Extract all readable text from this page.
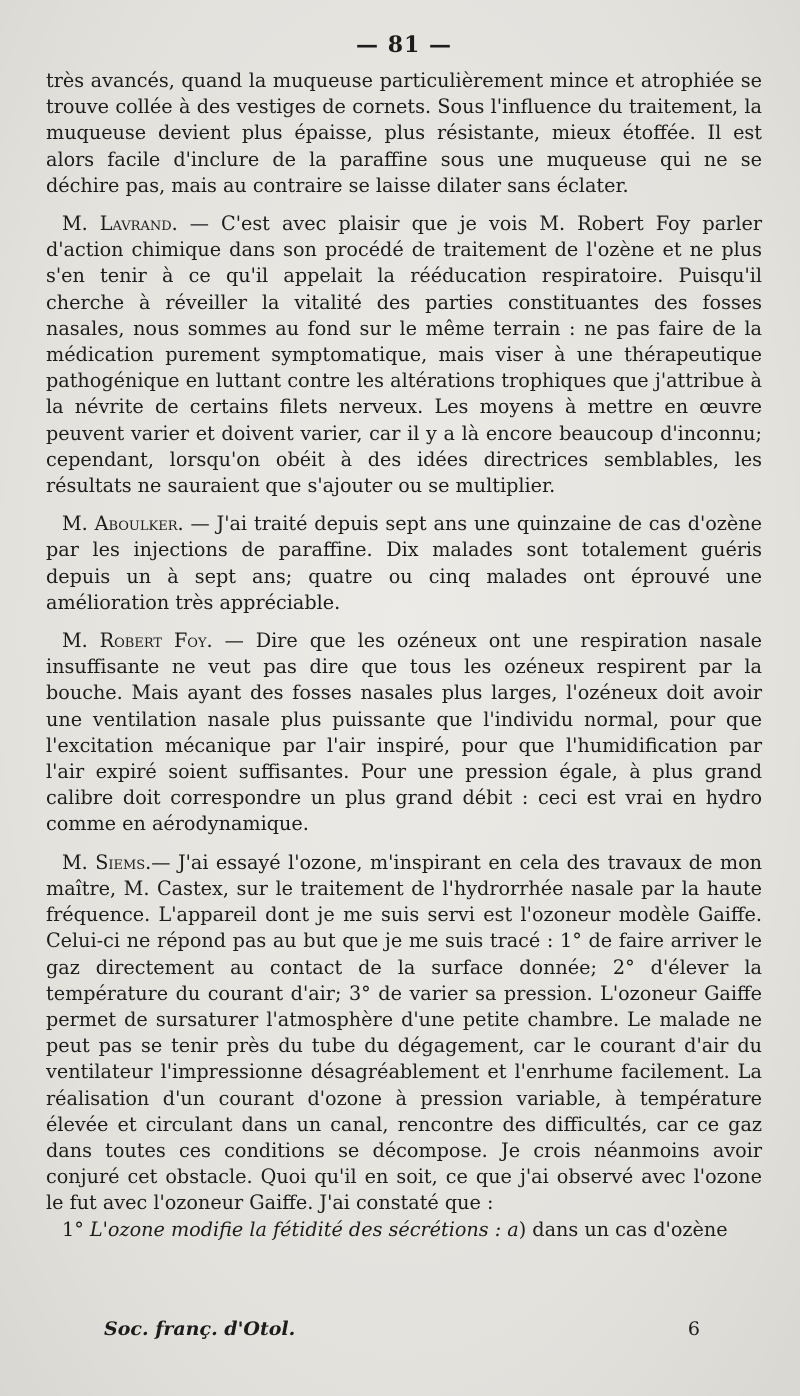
— 81 —

très avancés, quand la muqueuse particulièrement mince et atrophiée se trouve collée à des vestiges de cornets. Sous l'influence du traitement, la muqueuse devient plus épaisse, plus résistante, mieux étoffée. Il est alors facile d'inclure de la paraffine sous une muqueuse qui ne se déchire pas, mais au contraire se laisse dilater sans éclater.

M. Lavrand. — C'est avec plaisir que je vois M. Robert Foy parler d'action chimique dans son procédé de traitement de l'ozène et ne plus s'en tenir à ce qu'il appelait la rééducation respiratoire. Puisqu'il cherche à réveiller la vitalité des parties constituantes des fosses nasales, nous sommes au fond sur le même terrain : ne pas faire de la médication purement symptomatique, mais viser à une thérapeutique pathogénique en luttant contre les altérations trophiques que j'attribue à la névrite de certains filets nerveux. Les moyens à mettre en œuvre peuvent varier et doivent varier, car il y a là encore beaucoup d'inconnu; cependant, lorsqu'on obéit à des idées directrices semblables, les résultats ne sauraient que s'ajouter ou se multiplier.

M. Aboulker. — J'ai traité depuis sept ans une quinzaine de cas d'ozène par les injections de paraffine. Dix malades sont totalement guéris depuis un à sept ans; quatre ou cinq malades ont éprouvé une amélioration très appréciable.

M. Robert Foy. — Dire que les ozéneux ont une respiration nasale insuffisante ne veut pas dire que tous les ozéneux respirent par la bouche. Mais ayant des fosses nasales plus larges, l'ozéneux doit avoir une ventilation nasale plus puissante que l'individu normal, pour que l'excitation mécanique par l'air inspiré, pour que l'humidification par l'air expiré soient suffisantes. Pour une pression égale, à plus grand calibre doit correspondre un plus grand débit : ceci est vrai en hydro comme en aérodynamique.

M. Siems.— J'ai essayé l'ozone, m'inspirant en cela des travaux de mon maître, M. Castex, sur le traitement de l'hydrorrhée nasale par la haute fréquence. L'appareil dont je me suis servi est l'ozoneur modèle Gaiffe. Celui-ci ne répond pas au but que je me suis tracé : 1° de faire arriver le gaz directement au contact de la surface donnée; 2° d'élever la température du courant d'air; 3° de varier sa pression. L'ozoneur Gaiffe permet de sursaturer l'atmosphère d'une petite chambre. Le malade ne peut pas se tenir près du tube du dégagement, car le courant d'air du ventilateur l'impressionne désagréablement et l'enrhume facilement. La réalisation d'un courant d'ozone à pression variable, à température élevée et circulant dans un canal, rencontre des difficultés, car ce gaz dans toutes ces conditions se décompose. Je crois néanmoins avoir conjuré cet obstacle. Quoi qu'il en soit, ce que j'ai observé avec l'ozone le fut avec l'ozoneur Gaiffe. J'ai constaté que :

1° L'ozone modifie la fétidité des sécrétions : a) dans un cas d'ozène

Soc. franç. d'Otol.	6
